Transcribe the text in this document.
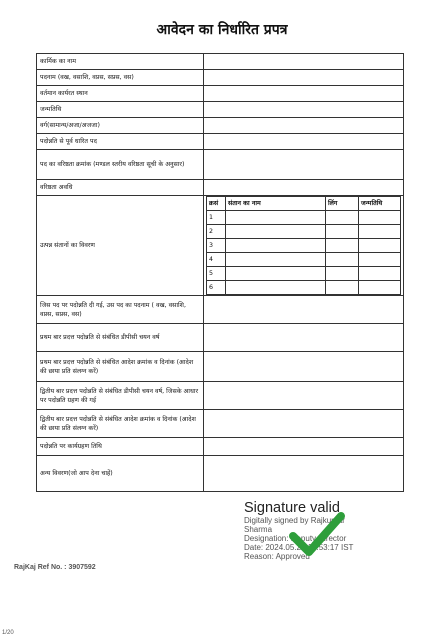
आवेदन का निर्धारित प्रपत्र
कार्मिक का नाम	
पदनाम (वख, वसाशि, वप्रस, सप्रस, वस)	
वर्तमान कार्यरत स्थान	
जन्मतिथि	
वर्ग(सामान्य/अजा/अजजा)	
पदोन्नति से पूर्व धारित पद	
पद का वरिष्ठता क्रमांक (मण्डल स्तरीय वरिष्ठता सूची के अनुसार)	
वरिष्ठता अवधि	
उत्पन्न संतानों का विवरण	
क्रसं	संतान का नाम	लिंग	जन्मतिथि
1			
2			
3			
4			
5			
6			

जिस पद पर पदोन्नति दी गई, उस पद का पदनाम ( वख, वसाशि, वप्रस, सप्रस, वस)	
प्रथम बार प्रदत्त पदोन्नति से संबंधित डीपीसी चयन वर्ष	
प्रथम बार प्रदत्त पदोन्नति से संबंधित आदेश क्रमांक व दिनांक (आदेश की छाया प्रति संलग्न करें)	
द्वितीय बार प्रदत्त पदोन्नति से संबंधित डीपीसी चयन वर्ष, जिसके आधार पर पदोन्नति ग्रहण की गई	
द्वितीय बार प्रदत्त पदोन्नति से संबंधित आदेश क्रमांक व दिनांक (आदेश की छाया प्रति संलग्न करें)	
पदोन्नति पर कार्यग्रहण तिथि	
अन्य विवरण(जो आप देना चाहें)	
Signature valid
Digitally signed by Rajkumar
Sharma
Designation: Deputy Director
Date: 2024.05.22 13:53:17 IST
Reason: Approved
RajKaj Ref No. : 3907592
1/20
